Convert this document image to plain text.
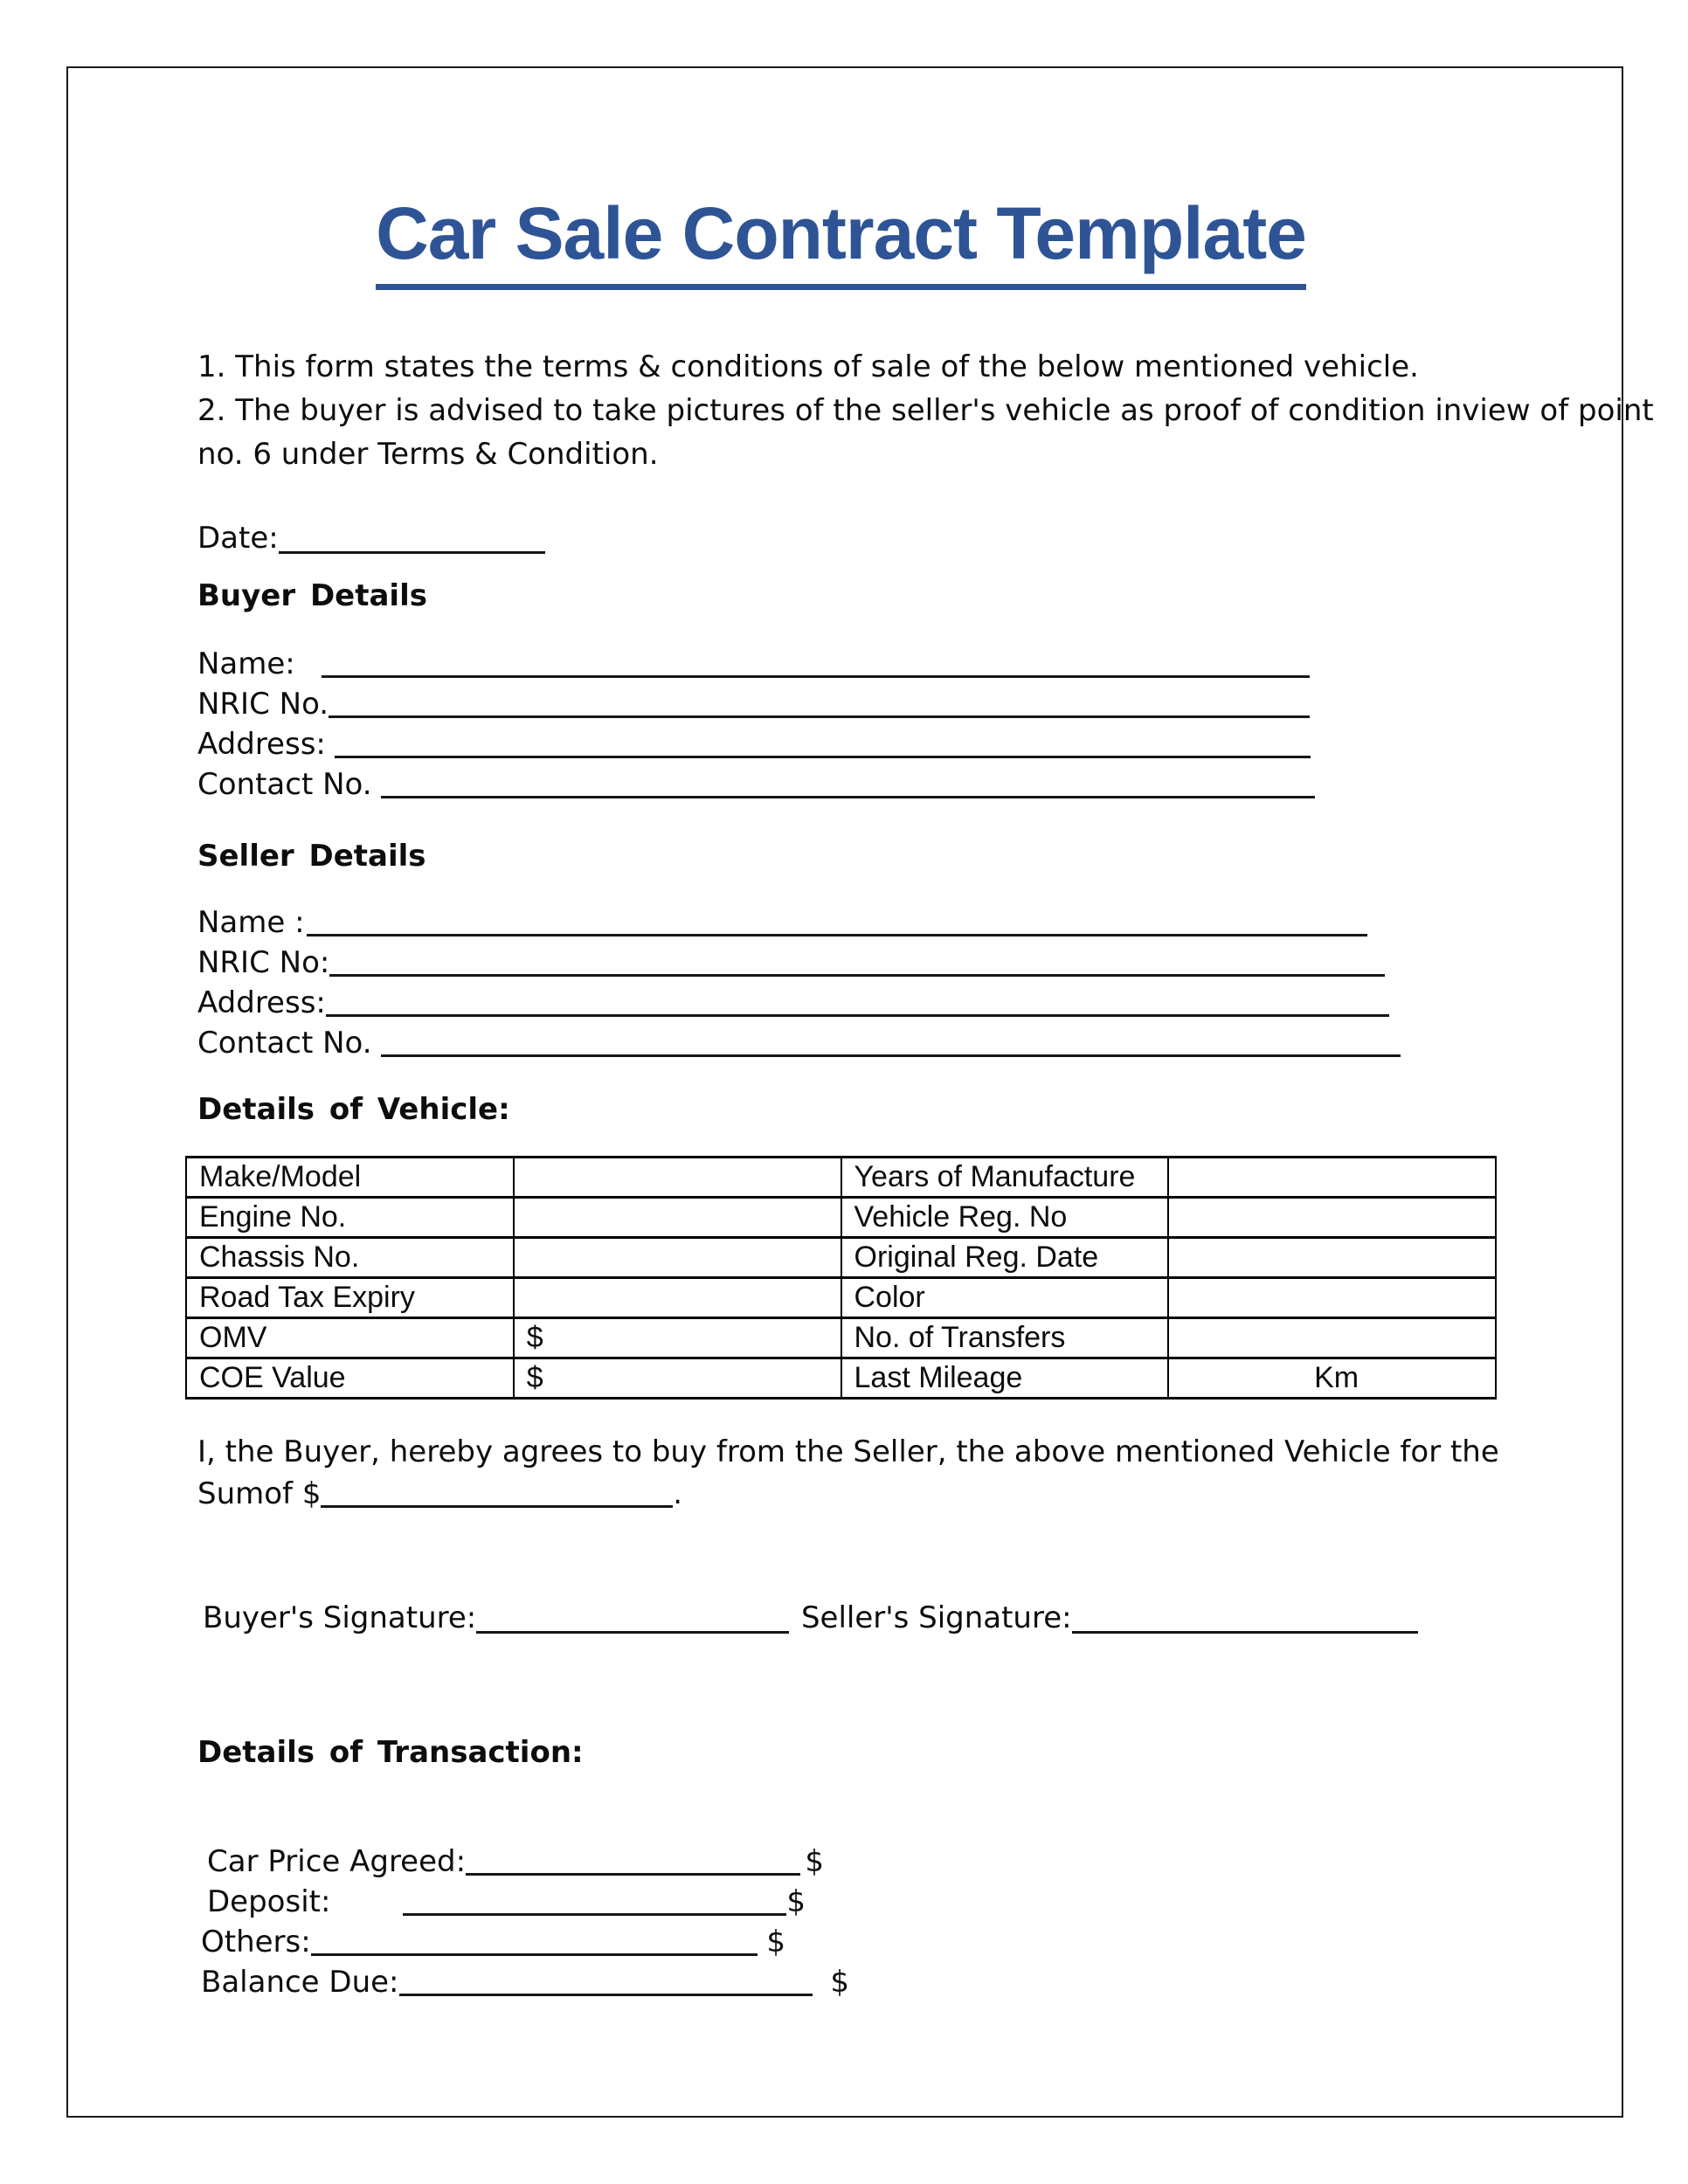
Car Sale Contract Template
1. This form states the terms & conditions of sale of the below mentioned vehicle.
2. The buyer is advised to take pictures of the seller's vehicle as proof of condition inview of point
no. 6 under Terms & Condition.
Date:
Buyer Details
Name:
NRIC No.
Address:
Contact No.
Seller Details
Name :
NRIC No:
Address:
Contact No.
Details of Vehicle:
Make/Model		Years of Manufacture	
Engine No.		Vehicle Reg. No	
Chassis No.		Original Reg. Date	
Road Tax Expiry		Color	
OMV	$	No. of Transfers	
COE Value	$	Last Mileage	Km
I, the Buyer, hereby agrees to buy from the Seller, the above mentioned Vehicle for the
Sumof $	.
Buyer's Signature:	Seller's Signature:
Details of Transaction:
Car Price Agreed:	$
Deposit:	$
Others:	$
Balance Due:	$
